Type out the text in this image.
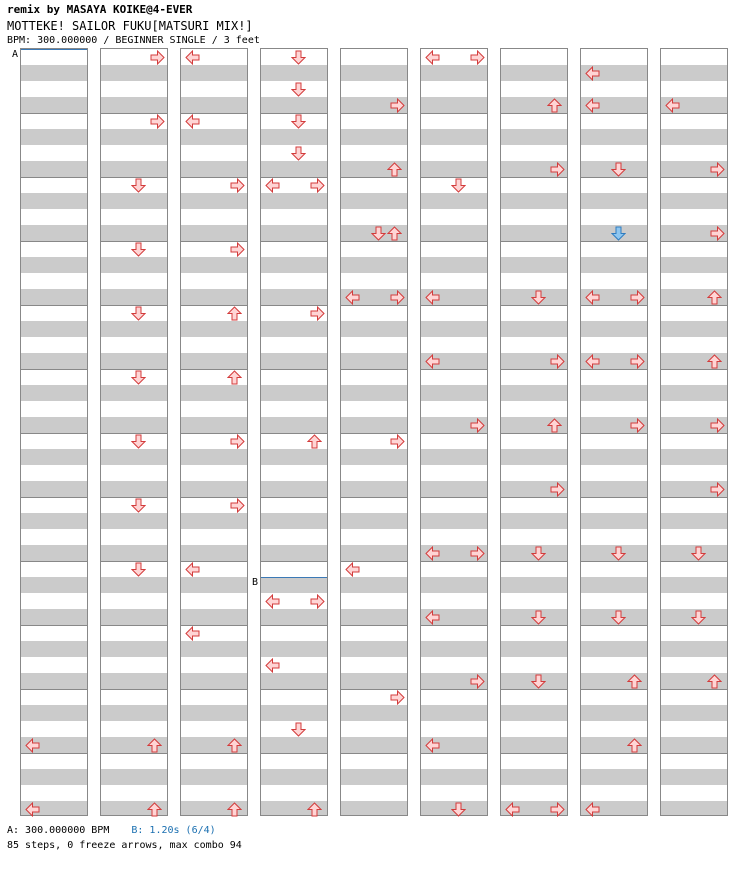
remix by MASAYA KOIKE@4-EVER
MOTTEKE! SAILOR FUKU[MATSURI MIX!]
BPM: 300.000000 / BEGINNER SINGLE / 3 feet
A
B
A: 300.000000 BPM B: 1.20s (6/4)
85 steps, 0 freeze arrows, max combo 94
